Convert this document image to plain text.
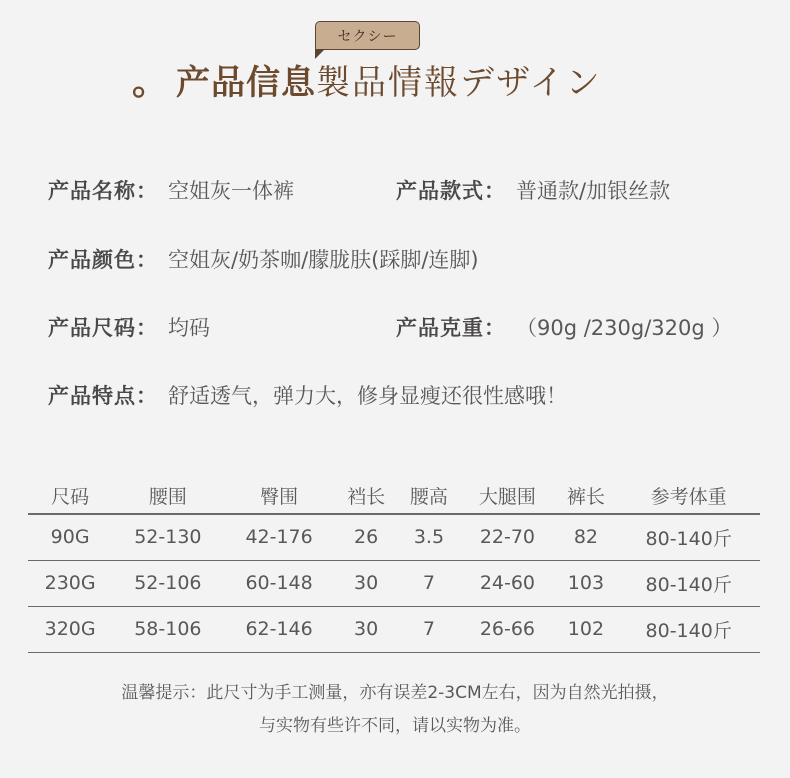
セクシー
。 产品信息 製品情報デザイン
产品名称： 空姐灰一体裤	产品款式： 普通款/加银丝款
产品颜色： 空姐灰/奶茶咖/朦胧肤(踩脚/连脚)
产品尺码： 均码	产品克重： （90g /230g/320g ）
产品特点： 舒适透气，弹力大，修身显瘦还很性感哦！
尺码	腰围	臀围	裆长	腰高	大腿围	裤长	参考体重
90G	52-130	42-176	26	3.5	22-70	82	80-140斤
230G	52-106	60-148	30	7	24-60	103	80-140斤
320G	58-106	62-146	30	7	26-66	102	80-140斤
温馨提示：此尺寸为手工测量，亦有误差2-3CM左右，因为自然光拍摄，
与实物有些许不同，请以实物为准。
